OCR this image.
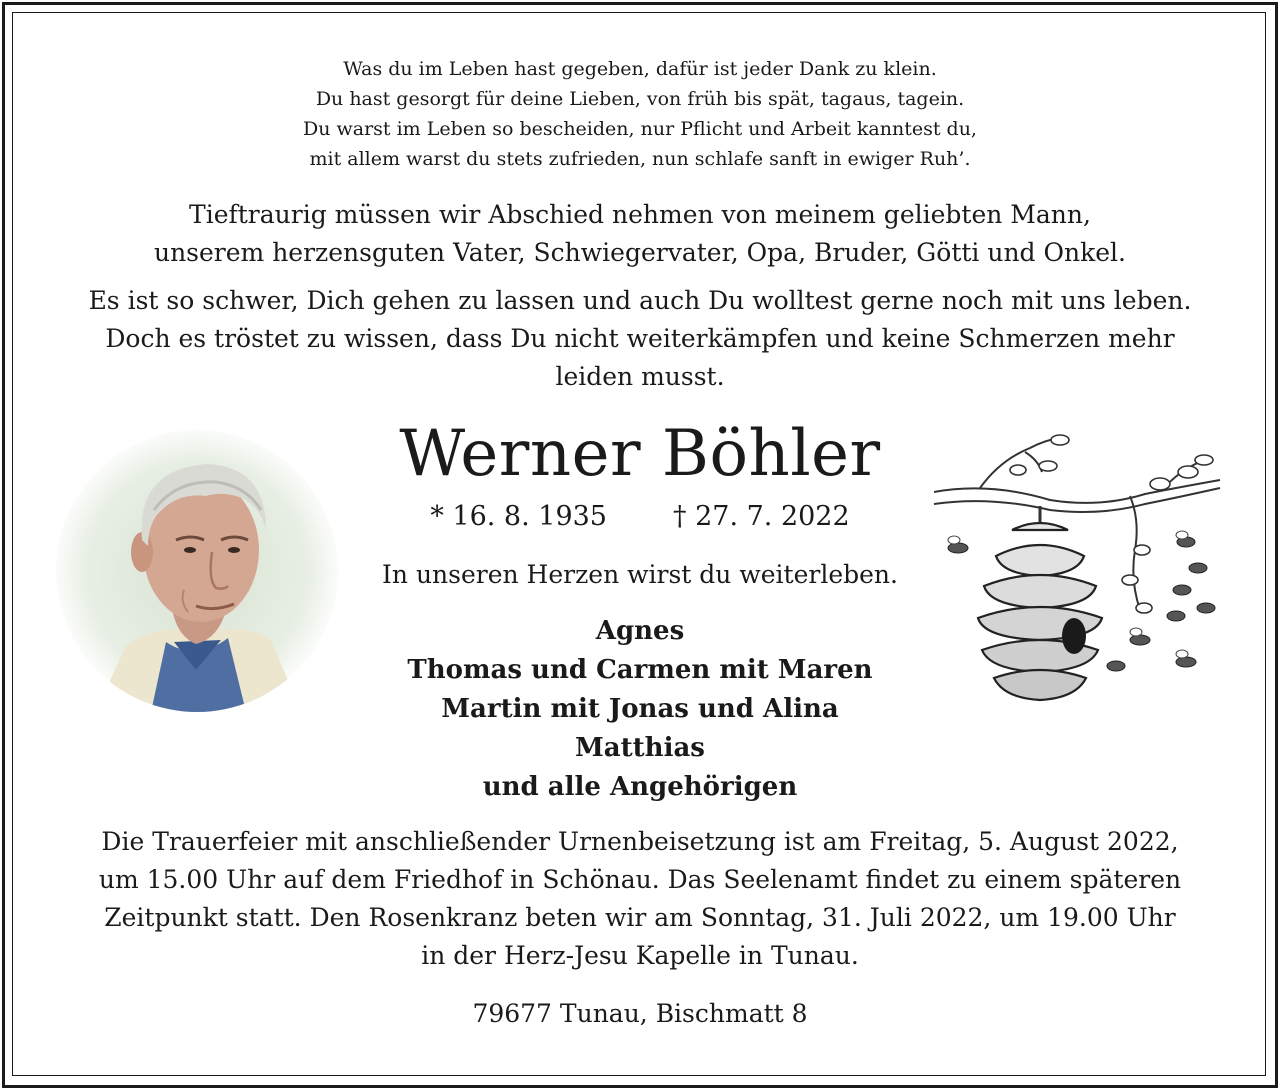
Was du im Leben hast gegeben, dafür ist jeder Dank zu klein.
Du hast gesorgt für deine Lieben, von früh bis spät, tagaus, tagein.
Du warst im Leben so bescheiden, nur Pflicht und Arbeit kanntest du,
mit allem warst du stets zufrieden, nun schlafe sanft in ewiger Ruh’.
Tieftraurig müssen wir Abschied nehmen von meinem geliebten Mann,
unserem herzensguten Vater, Schwiegervater, Opa, Bruder, Götti und Onkel.
Es ist so schwer, Dich gehen zu lassen und auch Du wolltest gerne noch mit uns leben.
Doch es tröstet zu wissen, dass Du nicht weiterkämpfen und keine Schmerzen mehr
leiden musst.
Werner Böhler
* 16. 8. 1935 † 27. 7. 2022
In unseren Herzen wirst du weiterleben.
Agnes
Thomas und Carmen mit Maren
Martin mit Jonas und Alina
Matthias
und alle Angehörigen
Die Trauerfeier mit anschließender Urnenbeisetzung ist am Freitag, 5. August 2022,
um 15.00 Uhr auf dem Friedhof in Schönau. Das Seelenamt findet zu einem späteren
Zeitpunkt statt. Den Rosenkranz beten wir am Sonntag, 31. Juli 2022, um 19.00 Uhr
in der Herz-Jesu Kapelle in Tunau.
79677 Tunau, Bischmatt 8
